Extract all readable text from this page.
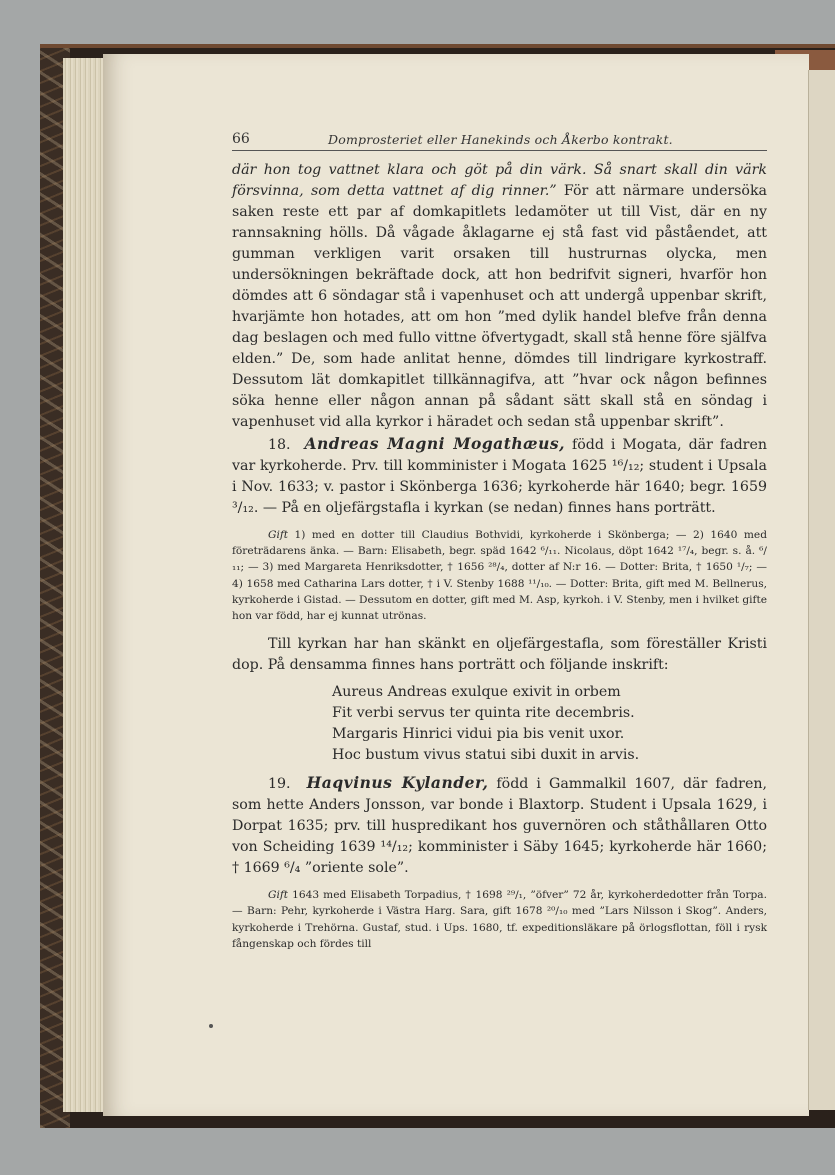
66	Domprosteriet eller Hanekinds och Åkerbo kontrakt.

där hon tog vattnet klara och göt på din värk. Så snart skall din värk försvinna, som detta vattnet af dig rinner.” För att närmare undersöka saken reste ett par af domkapitlets ledamöter ut till Vist, där en ny rannsakning hölls. Då vågade åklagarne ej stå fast vid påståendet, att gumman verkligen varit orsaken till hustrurnas olycka, men undersökningen bekräftade dock, att hon bedrifvit signeri, hvarför hon dömdes att 6 söndagar stå i vapenhuset och att undergå uppenbar skrift, hvarjämte hon hotades, att om hon ”med dylik handel blefve från denna dag beslagen och med fullo vittne öfvertygadt, skall stå henne före själfva elden.” De, som hade anlitat henne, dömdes till lindrigare kyrkostraff. Dessutom lät domkapitlet tillkännagifva, att ”hvar ock någon befinnes söka henne eller någon annan på sådant sätt skall stå en söndag i vapenhuset vid alla kyrkor i häradet och sedan stå uppenbar skrift”.

18. Andreas Magni Mogathæus, född i Mogata, där fadren var kyrkoherde. Prv. till komminister i Mogata 1625 ¹⁶/₁₂; student i Upsala i Nov. 1633; v. pastor i Skönberga 1636; kyrkoherde här 1640; begr. 1659 ³/₁₂. — På en oljefärgstafla i kyrkan (se nedan) finnes hans porträtt.

Gift 1) med en dotter till Claudius Bothvidi, kyrkoherde i Skönberga; — 2) 1640 med företrädarens änka. — Barn: Elisabeth, begr. späd 1642 ⁶/₁₁. Nicolaus, döpt 1642 ¹⁷/₄, begr. s. å. ⁶/₁₁; — 3) med Margareta Henriksdotter, † 1656 ²⁸/₄, dotter af N:r 16. — Dotter: Brita, † 1650 ¹/₇; — 4) 1658 med Catharina Lars dotter, † i V. Stenby 1688 ¹¹/₁₀. — Dotter: Brita, gift med M. Bellnerus, kyrkoherde i Gistad. — Dessutom en dotter, gift med M. Asp, kyrkoh. i V. Stenby, men i hvilket gifte hon var född, har ej kunnat utrönas.

Till kyrkan har han skänkt en oljefärgestafla, som föreställer Kristi dop. På densamma finnes hans porträtt och följande inskrift:

Aureus Andreas exulque exivit in orbem
Fit verbi servus ter quinta rite decembris.
Margaris Hinrici vidui pia bis venit uxor.
Hoc bustum vivus statui sibi duxit in arvis.

19. Haqvinus Kylander, född i Gammalkil 1607, där fadren, som hette Anders Jonsson, var bonde i Blaxtorp. Student i Upsala 1629, i Dorpat 1635; prv. till huspredikant hos guvernören och ståthållaren Otto von Scheiding 1639 ¹⁴/₁₂; komminister i Säby 1645; kyrkoherde här 1660; † 1669 ⁶/₄ ”oriente sole”.

Gift 1643 med Elisabeth Torpadius, † 1698 ²⁹/₁, ”öfver” 72 år, kyrkoherdedotter från Torpa. — Barn: Pehr, kyrkoherde i Västra Harg. Sara, gift 1678 ²⁰/₁₀ med ”Lars Nilsson i Skog”. Anders, kyrkoherde i Trehörna. Gustaf, stud. i Ups. 1680, tf. expeditionsläkare på örlogsflottan, föll i rysk fångenskap och fördes till
